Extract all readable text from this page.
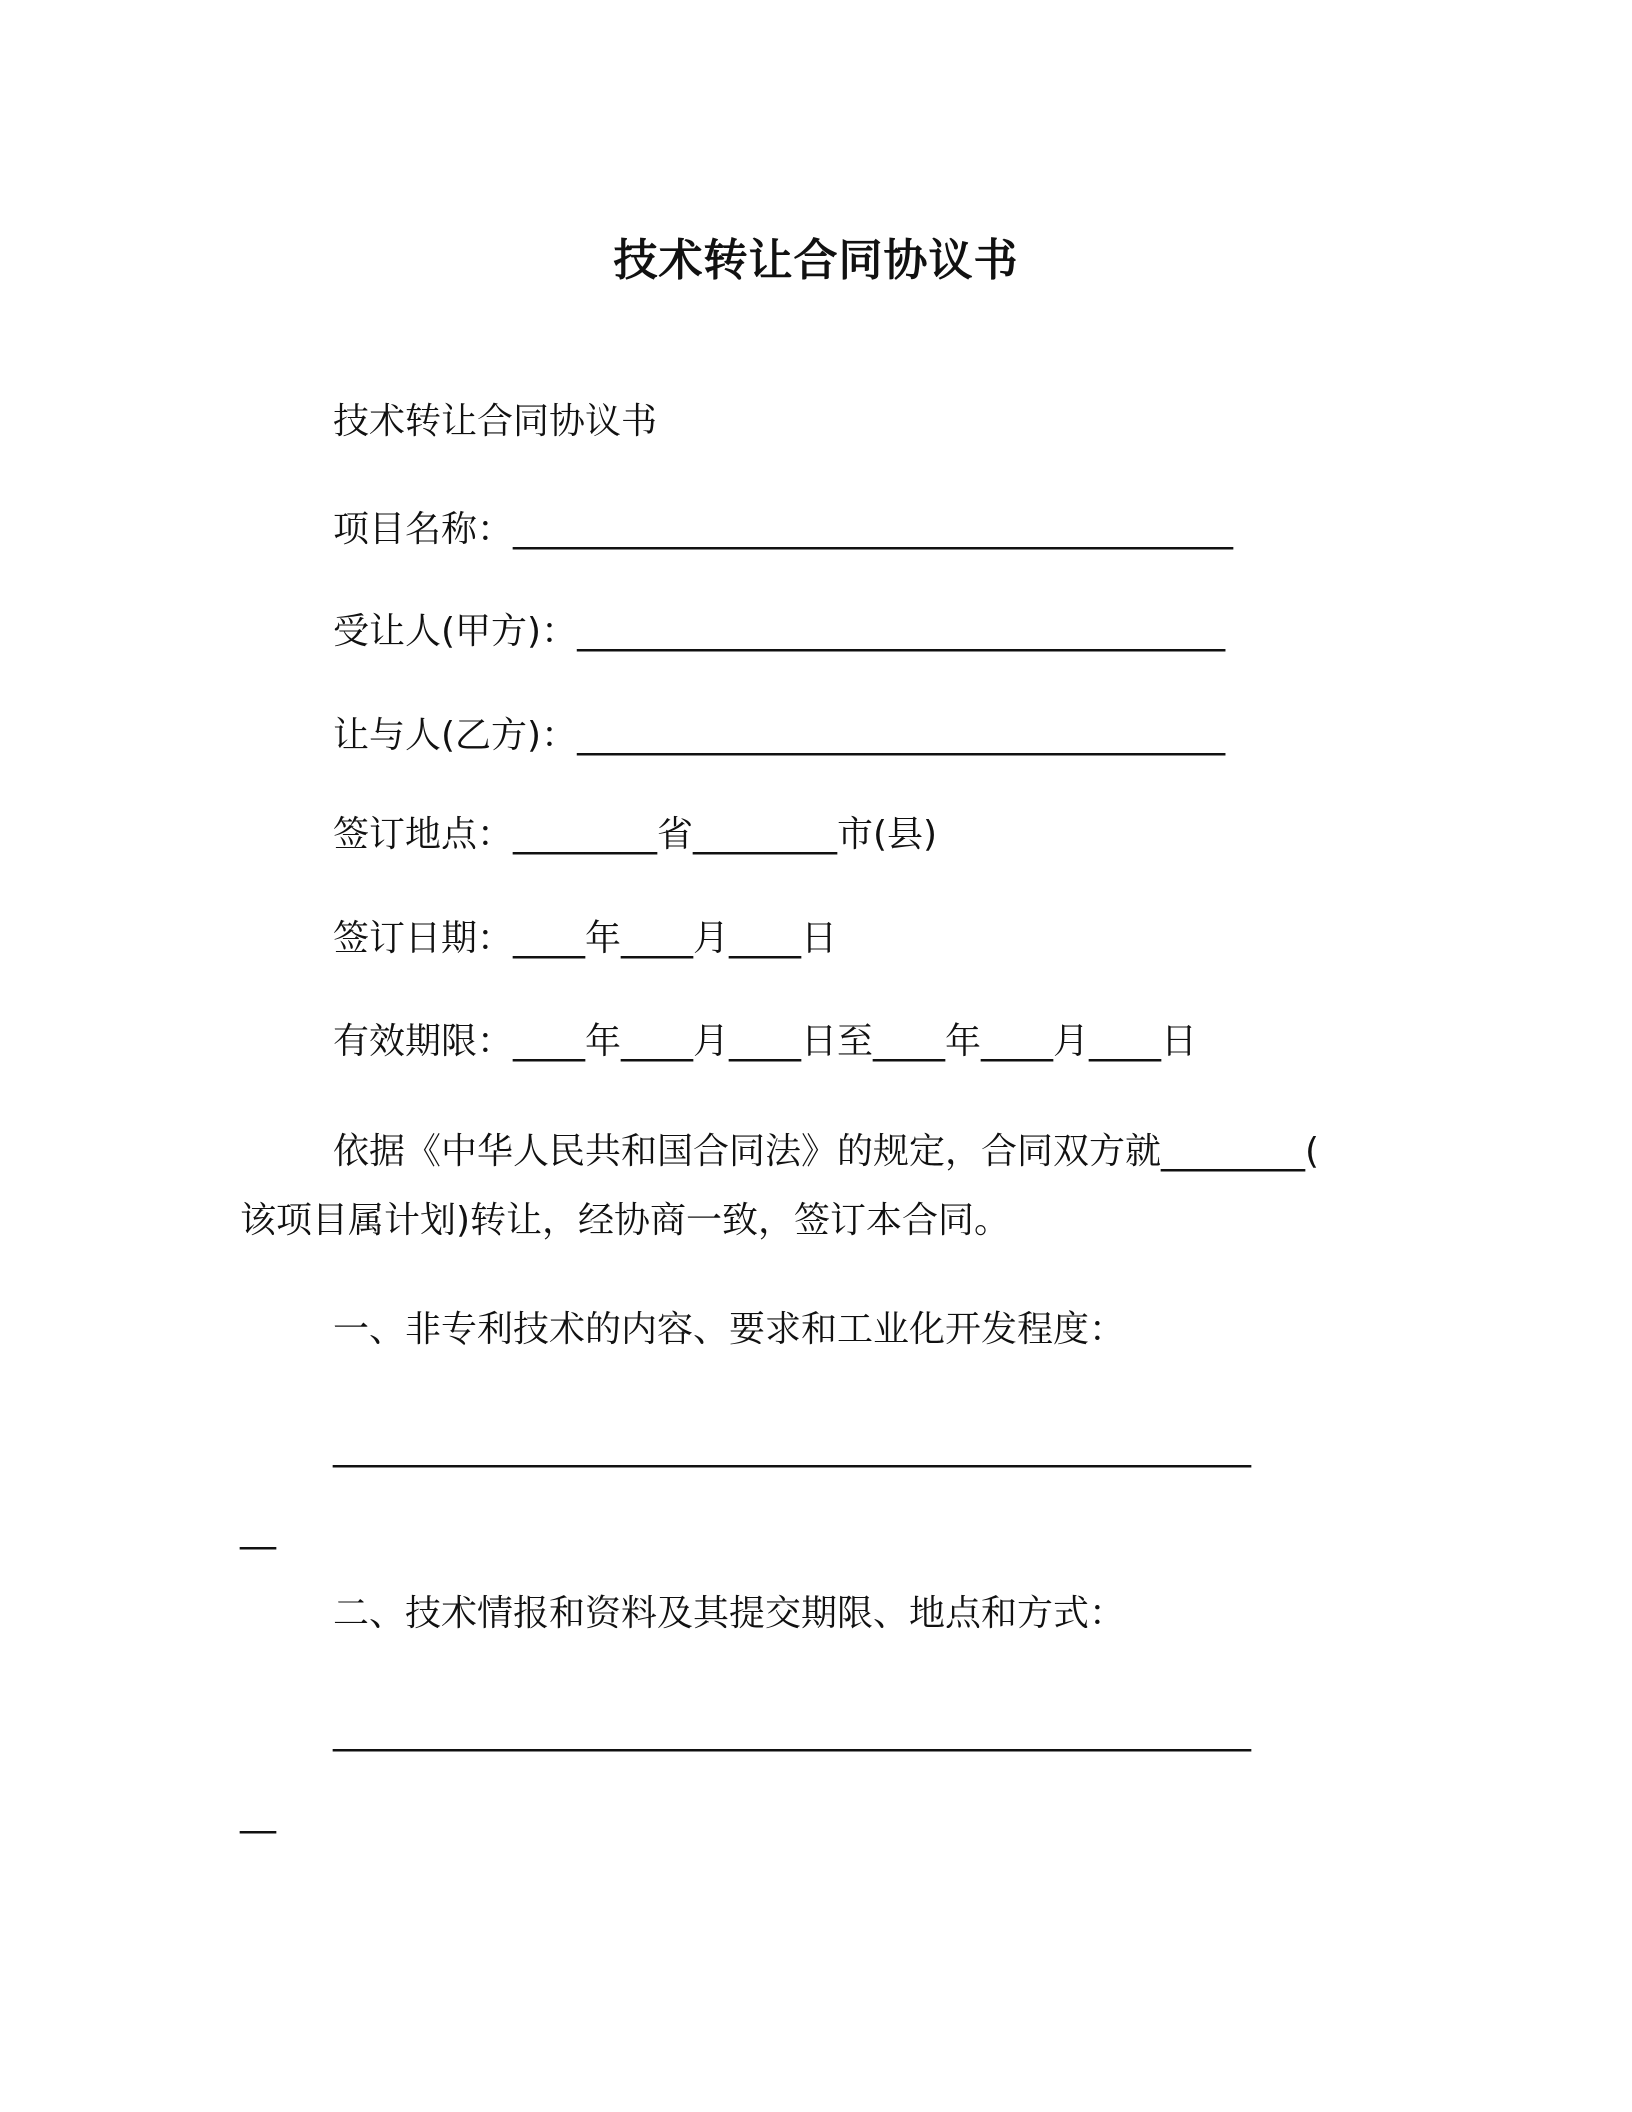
技术转让合同协议书
技术转让合同协议书
项目名称：________________________________________
受让人(甲方)：____________________________________
让与人(乙方)：____________________________________
签订地点：________省________市(县)
签订日期：____年____月____日
有效期限：____年____月____日至____年____月____日
依据《中华人民共和国合同法》的规定，合同双方就________(
该项目属计划)转让，经协商一致，签订本合同。
一、非专利技术的内容、要求和工业化开发程度：
___________________________________________________
__
二、技术情报和资料及其提交期限、地点和方式：
___________________________________________________
__
